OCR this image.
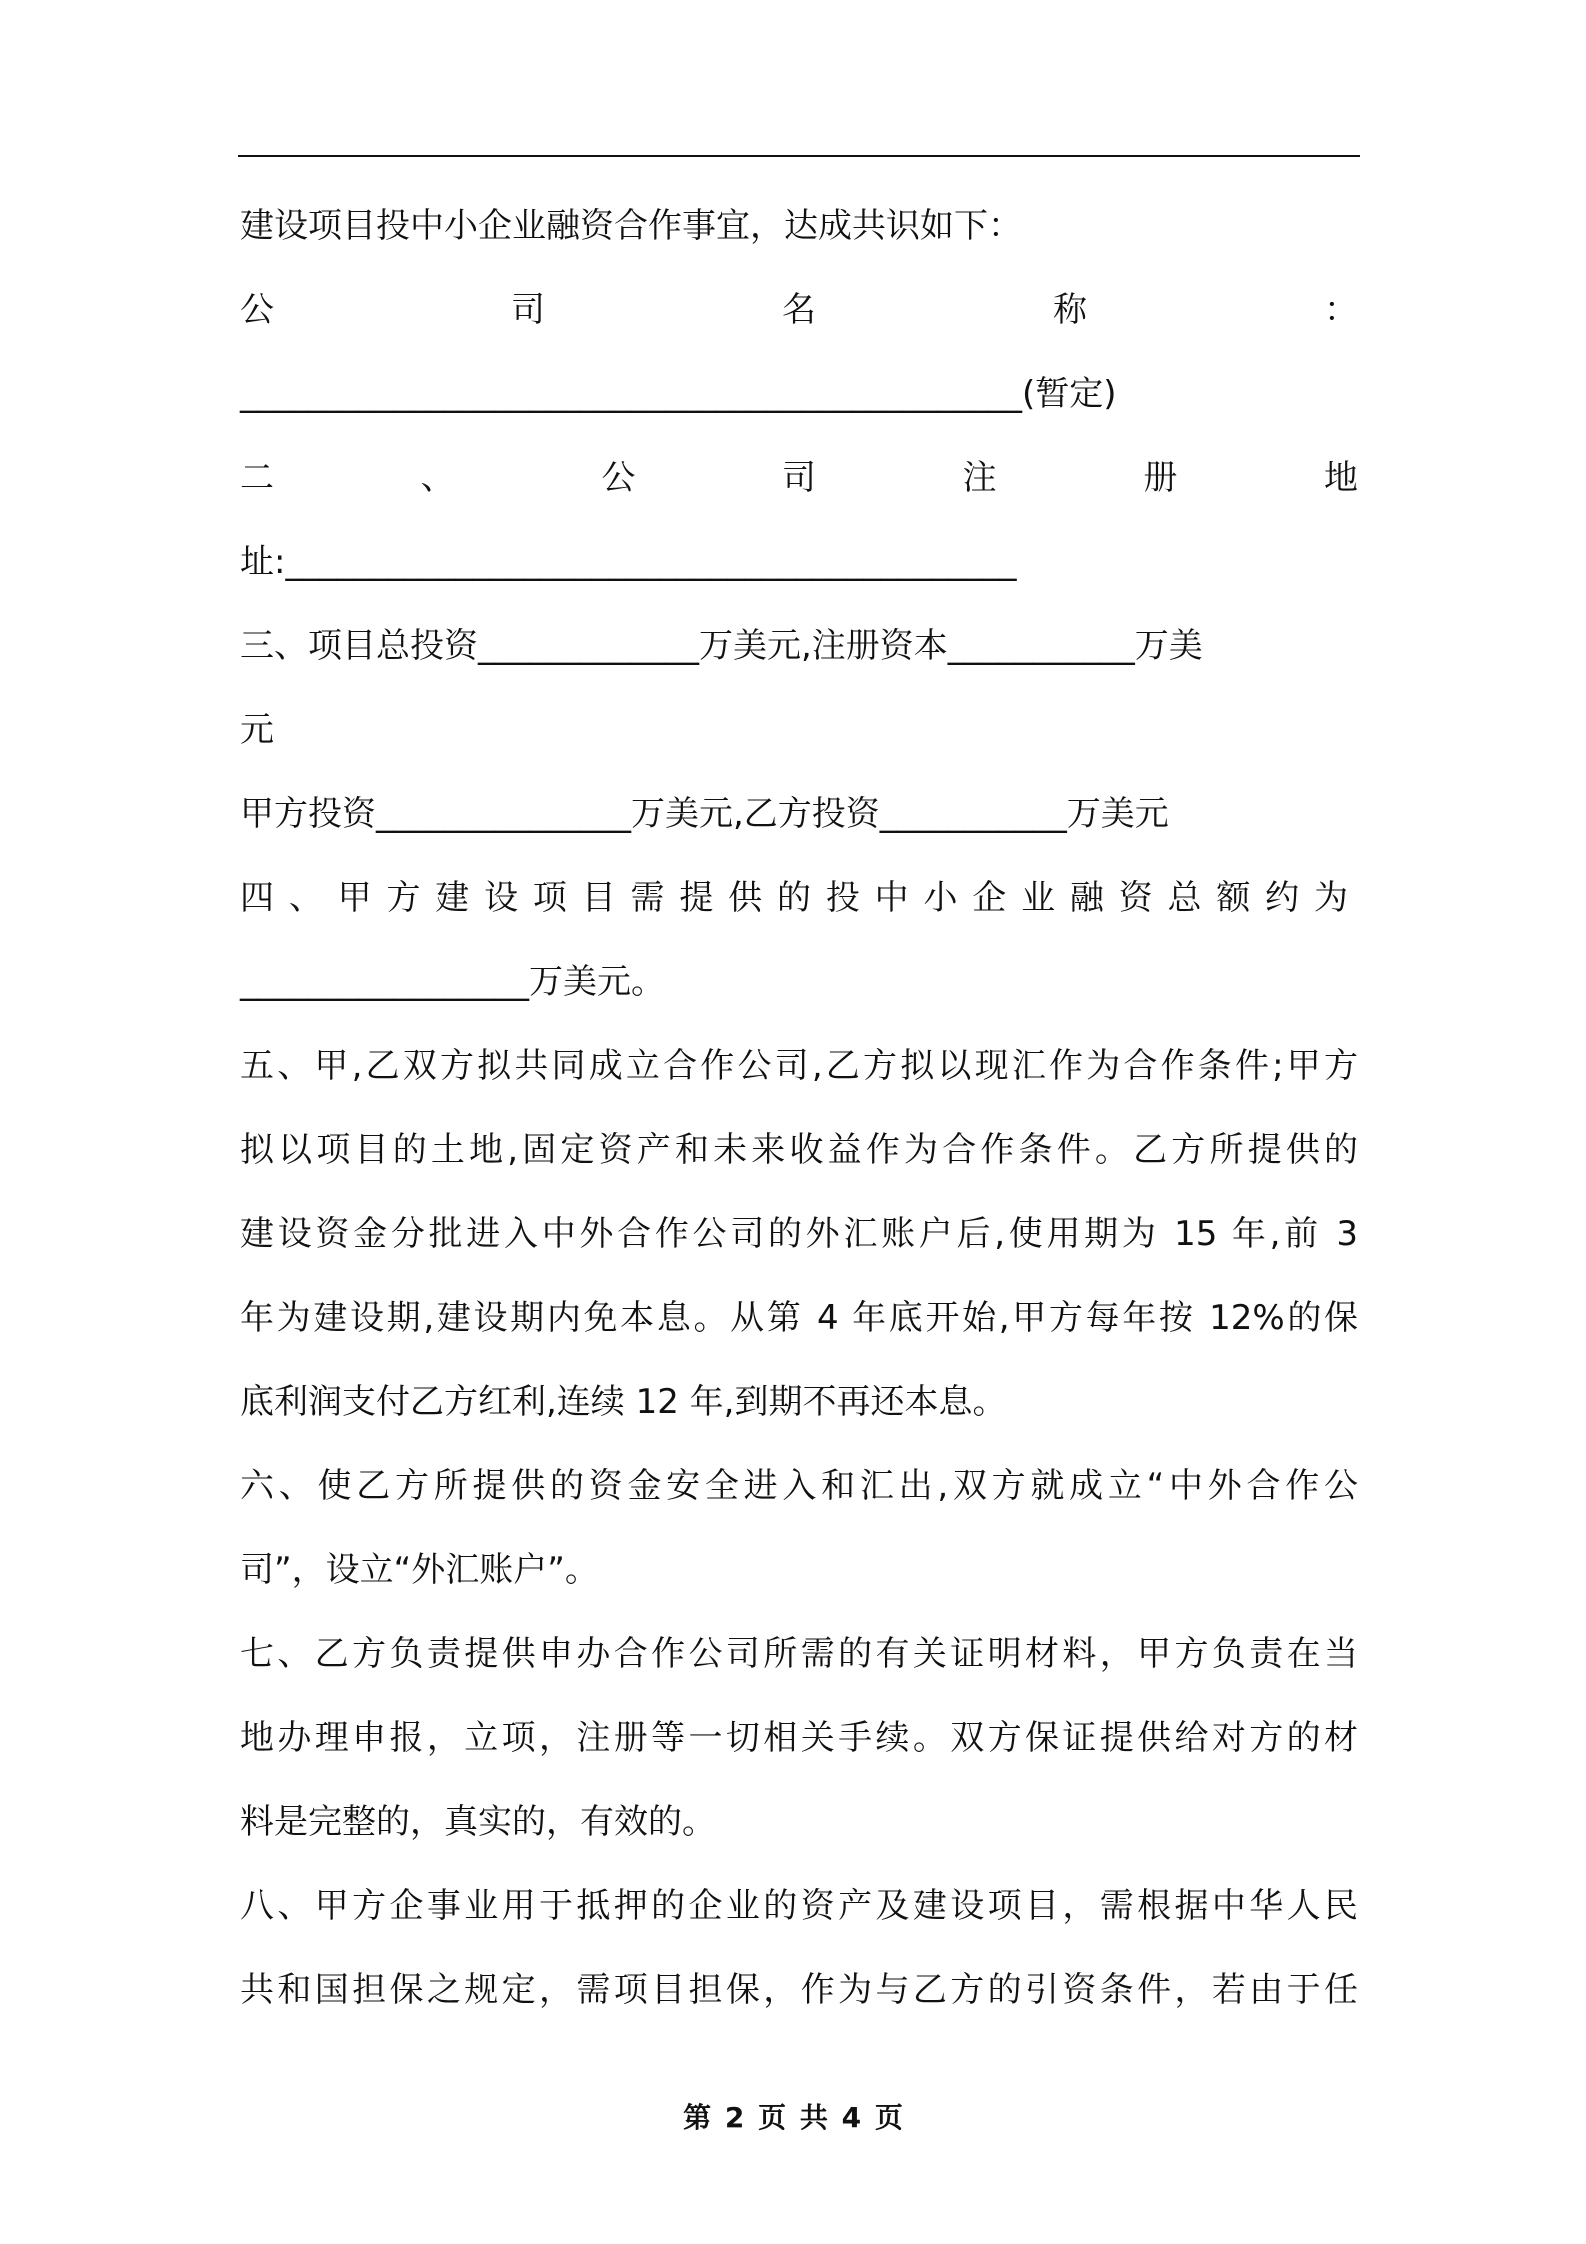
建设项目投中小企业融资合作事宜，达成共识如下：
公 司 名 称 ：
______________________________________________(暂定)
二 、 公 司 注 册 地
址:___________________________________________
三、项目总投资_____________万美元,注册资本___________万美
元
甲方投资_______________万美元,乙方投资___________万美元
四、甲方建设项目需提供的投中小企业融资总额约为
_________________万美元。
五、甲,乙双方拟共同成立合作公司,乙方拟以现汇作为合作条件;甲方
拟以项目的土地,固定资产和未来收益作为合作条件。乙方所提供的
建设资金分批进入中外合作公司的外汇账户后,使用期为 15 年,前 3
年为建设期,建设期内免本息。从第 4 年底开始,甲方每年按 12%的保
底利润支付乙方红利,连续 12 年,到期不再还本息。
六、使乙方所提供的资金安全进入和汇出,双方就成立“中外合作公
司”，设立“外汇账户”。
七、乙方负责提供申办合作公司所需的有关证明材料，甲方负责在当
地办理申报，立项，注册等一切相关手续。双方保证提供给对方的材
料是完整的，真实的，有效的。
八、甲方企事业用于抵押的企业的资产及建设项目，需根据中华人民
共和国担保之规定，需项目担保，作为与乙方的引资条件，若由于任
第 2 页 共 4 页
